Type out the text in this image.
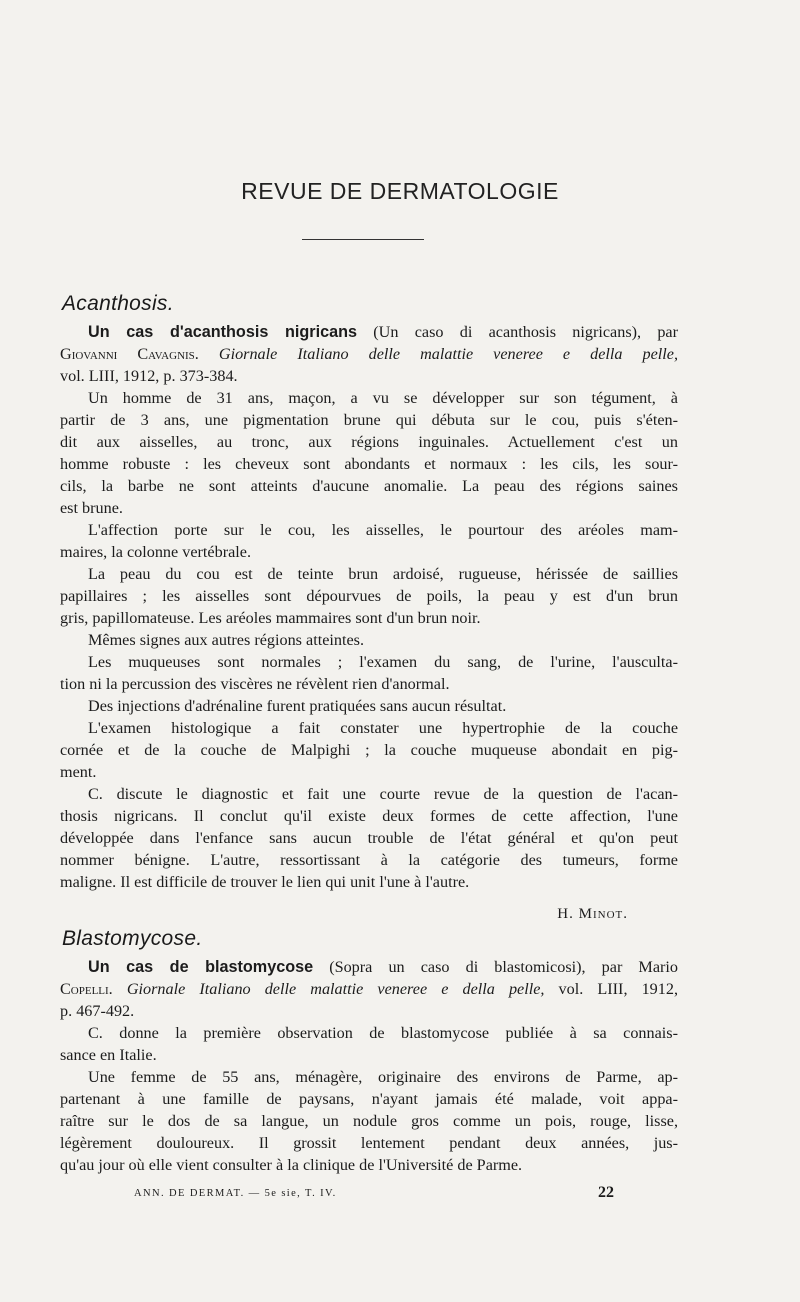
REVUE DE DERMATOLOGIE
Acanthosis.
Un cas d'acanthosis nigricans (Un caso di acanthosis nigricans), par
Giovanni Cavagnis. Giornale Italiano delle malattie veneree e della pelle,
vol. LIII, 1912, p. 373-384.
Un homme de 31 ans, maçon, a vu se développer sur son tégument, à
partir de 3 ans, une pigmentation brune qui débuta sur le cou, puis s'éten-
dit aux aisselles, au tronc, aux régions inguinales. Actuellement c'est un
homme robuste : les cheveux sont abondants et normaux : les cils, les sour-
cils, la barbe ne sont atteints d'aucune anomalie. La peau des régions saines
est brune.
L'affection porte sur le cou, les aisselles, le pourtour des aréoles mam-
maires, la colonne vertébrale.
La peau du cou est de teinte brun ardoisé, rugueuse, hérissée de saillies
papillaires ; les aisselles sont dépourvues de poils, la peau y est d'un brun
gris, papillomateuse. Les aréoles mammaires sont d'un brun noir.
Mêmes signes aux autres régions atteintes.
Les muqueuses sont normales ; l'examen du sang, de l'urine, l'ausculta-
tion ni la percussion des viscères ne révèlent rien d'anormal.
Des injections d'adrénaline furent pratiquées sans aucun résultat.
L'examen histologique a fait constater une hypertrophie de la couche
cornée et de la couche de Malpighi ; la couche muqueuse abondait en pig-
ment.
C. discute le diagnostic et fait une courte revue de la question de l'acan-
thosis nigricans. Il conclut qu'il existe deux formes de cette affection, l'une
développée dans l'enfance sans aucun trouble de l'état général et qu'on peut
nommer bénigne. L'autre, ressortissant à la catégorie des tumeurs, forme
maligne. Il est difficile de trouver le lien qui unit l'une à l'autre.
H. Minot.
Blastomycose.
Un cas de blastomycose (Sopra un caso di blastomicosi), par Mario
Copelli. Giornale Italiano delle malattie veneree e della pelle, vol. LIII, 1912,
p. 467-492.
C. donne la première observation de blastomycose publiée à sa connais-
sance en Italie.
Une femme de 55 ans, ménagère, originaire des environs de Parme, ap-
partenant à une famille de paysans, n'ayant jamais été malade, voit appa-
raître sur le dos de sa langue, un nodule gros comme un pois, rouge, lisse,
légèrement douloureux. Il grossit lentement pendant deux années, jus-
qu'au jour où elle vient consulter à la clinique de l'Université de Parme.
ANN. DE DERMAT. — 5e sie, T. IV.	22
